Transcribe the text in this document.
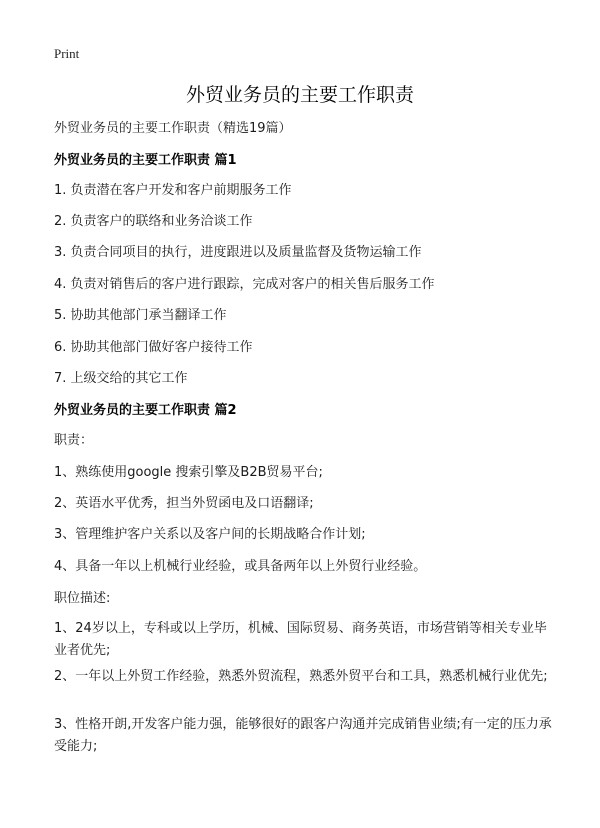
Print
外贸业务员的主要工作职责
外贸业务员的主要工作职责（精选19篇）
外贸业务员的主要工作职责 篇1
1. 负责潜在客户开发和客户前期服务工作
2. 负责客户的联络和业务洽谈工作
3. 负责合同项目的执行，进度跟进以及质量监督及货物运输工作
4. 负责对销售后的客户进行跟踪，完成对客户的相关售后服务工作
5. 协助其他部门承当翻译工作
6. 协助其他部门做好客户接待工作
7. 上级交给的其它工作
外贸业务员的主要工作职责 篇2
职责：
1、熟练使用google 搜索引擎及B2B贸易平台;
2、英语水平优秀，担当外贸函电及口语翻译;
3、管理维护客户关系以及客户间的长期战略合作计划;
4、具备一年以上机械行业经验，或具备两年以上外贸行业经验。
职位描述:
1、24岁以上，专科或以上学历，机械、国际贸易、商务英语，市场营销等相关专业毕业者优先;
2、一年以上外贸工作经验，熟悉外贸流程，熟悉外贸平台和工具，熟悉机械行业优先;
3、性格开朗,开发客户能力强，能够很好的跟客户沟通并完成销售业绩;有一定的压力承受能力;
